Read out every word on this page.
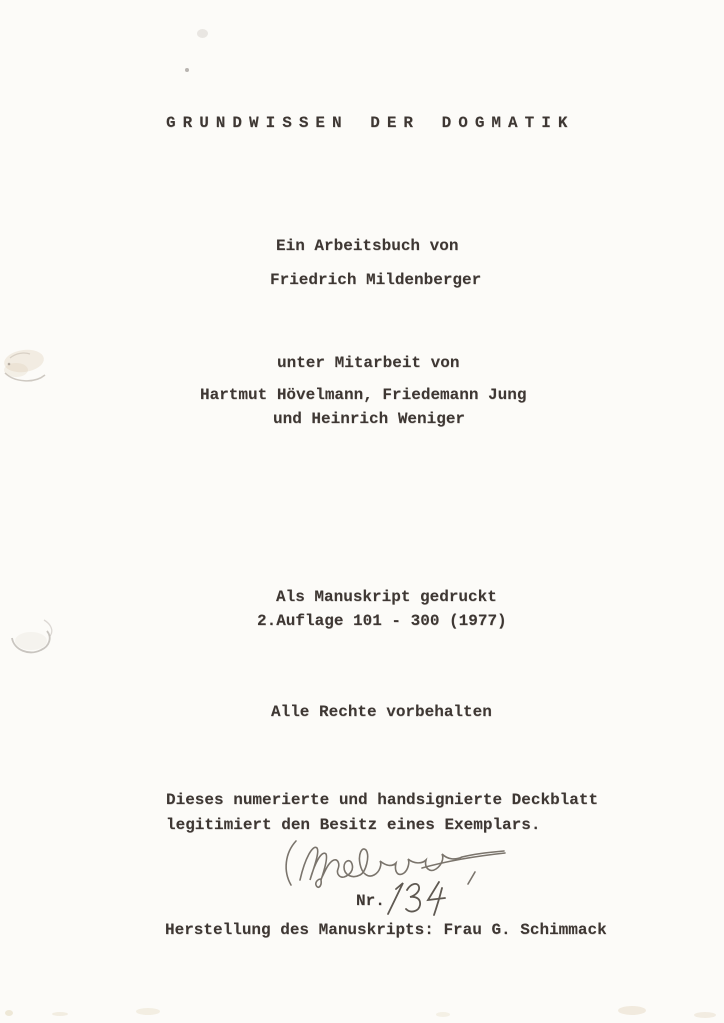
GRUNDWISSEN DER DOGMATIK
Ein Arbeitsbuch von
Friedrich Mildenberger
unter Mitarbeit von
Hartmut Hövelmann, Friedemann Jung
und Heinrich Weniger
Als Manuskript gedruckt
2.Auflage 101 - 300 (1977)
Alle Rechte vorbehalten
Dieses numerierte und handsignierte Deckblatt
legitimiert den Besitz eines Exemplars.
Nr.
Herstellung des Manuskripts: Frau G. Schimmack
